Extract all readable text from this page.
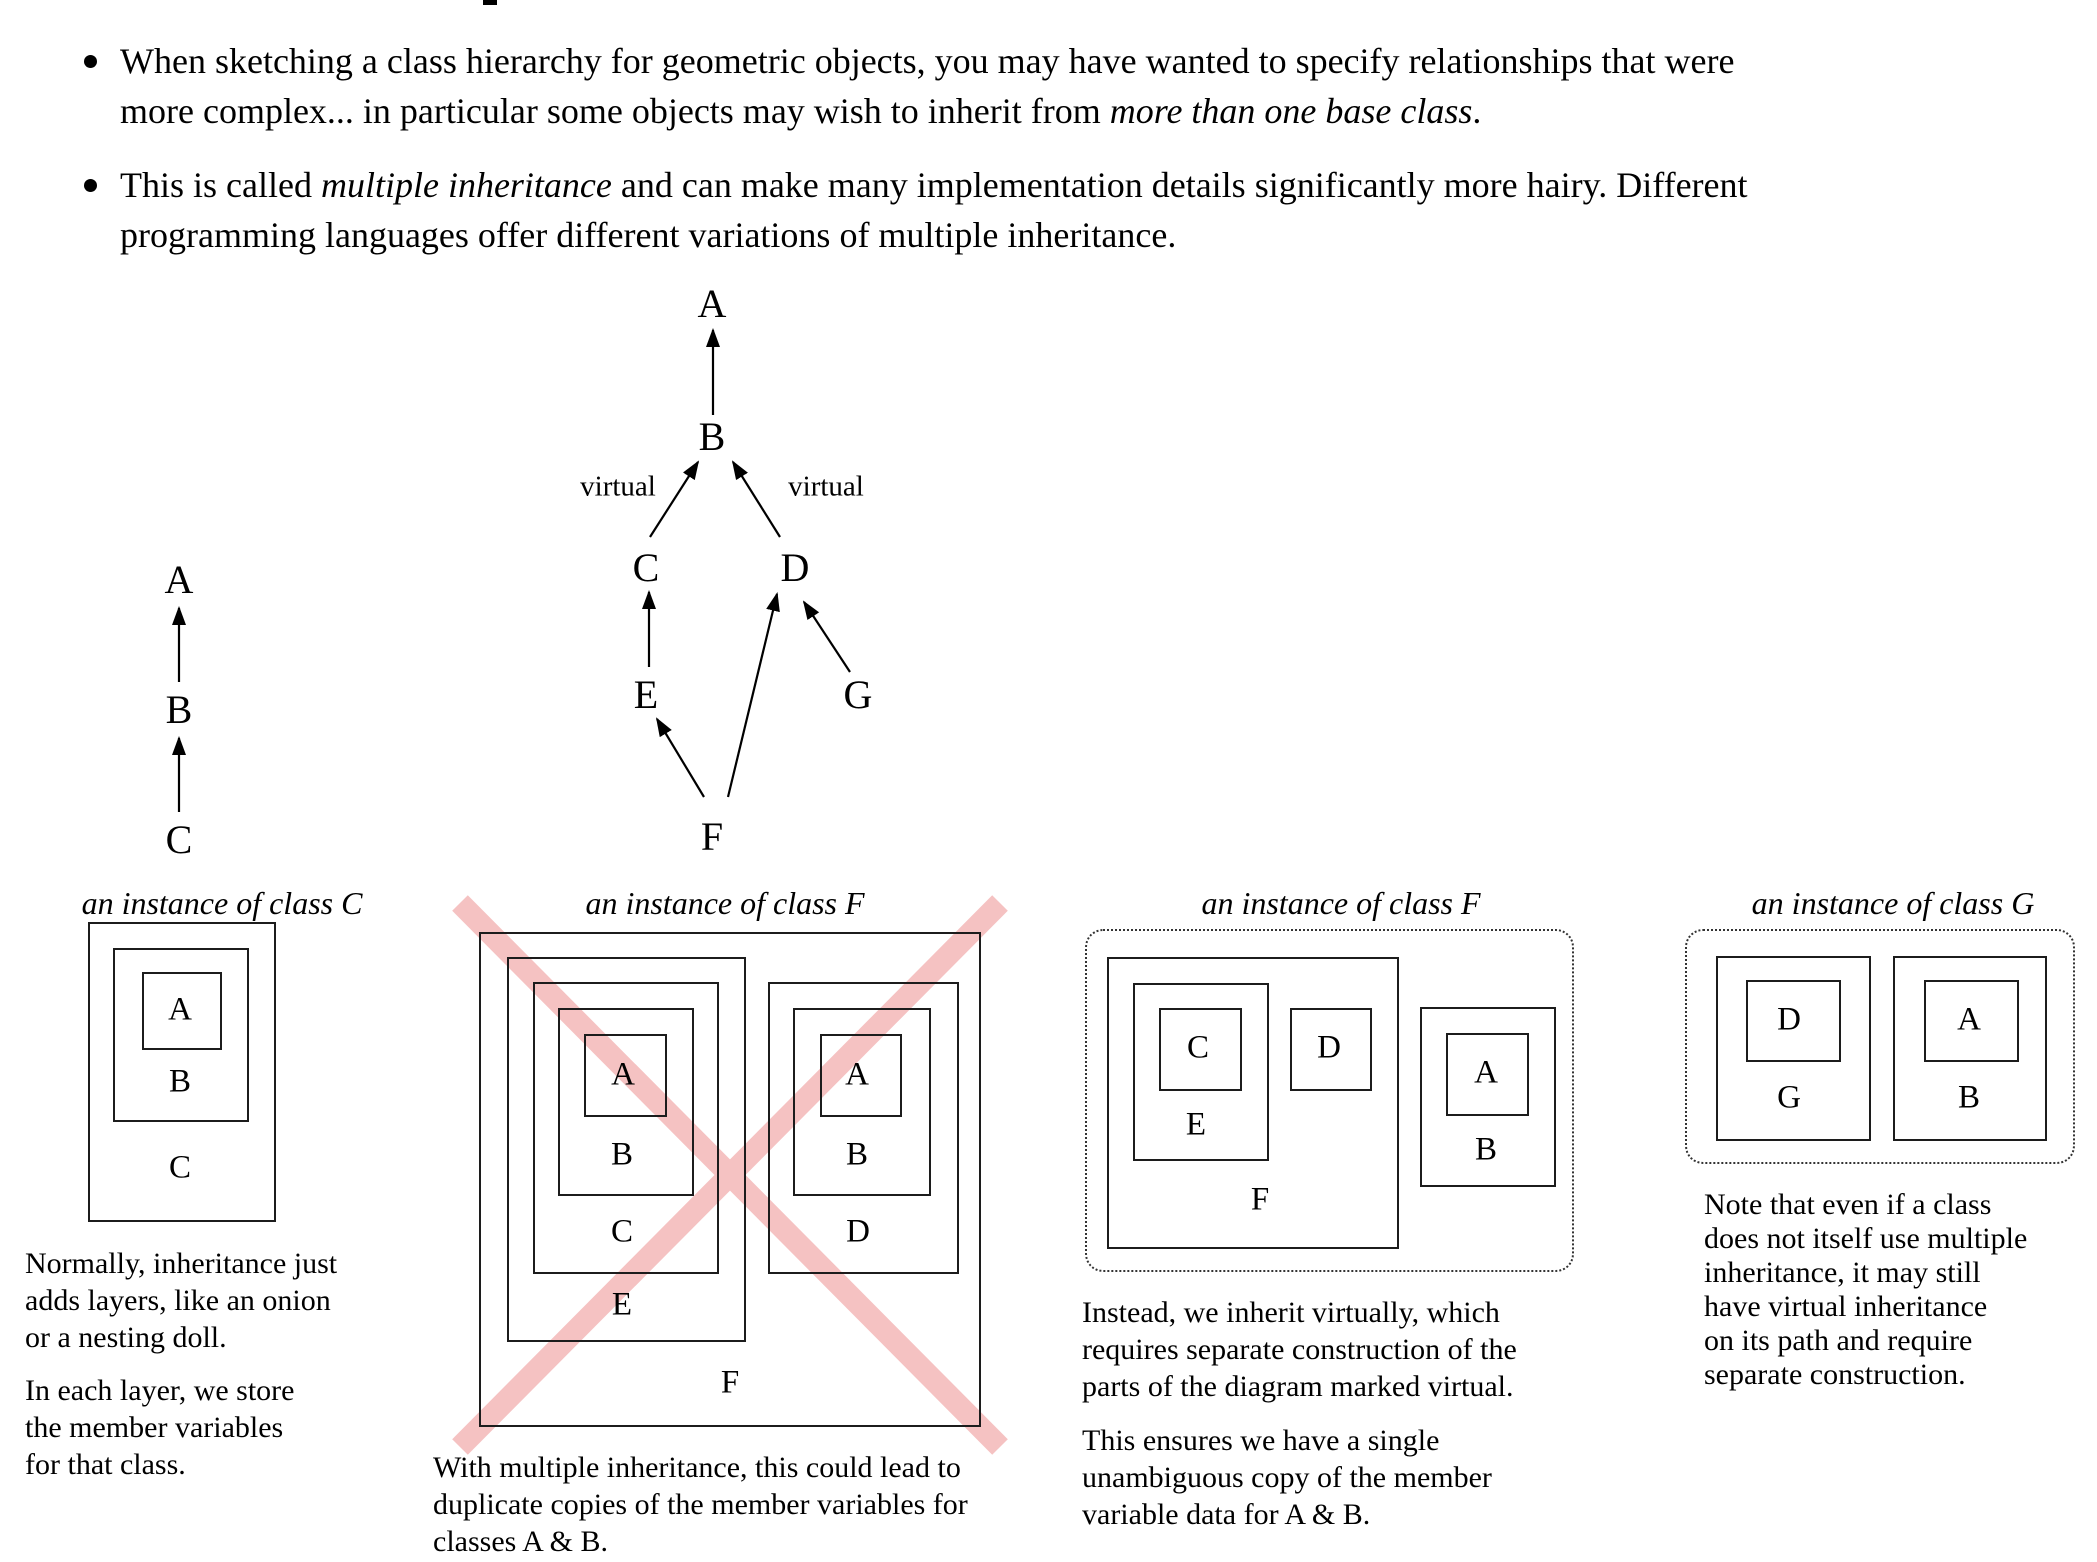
When sketching a class hierarchy for geometric objects, you may have wanted to specify relationships that were
more complex... in particular some objects may wish to inherit from more than one base class.
This is called multiple inheritance and can make many implementation details significantly more hairy. Different
programming languages offer different variations of multiple inheritance.
A
B
C
A
B
C	D
E	G
F
virtual	virtual
an instance of class C
C
B
A
an instance of class F
F
E
C
B
A
D
B
A
an instance of class F
F
E
C	D
B
A
an instance of class G
G
D
B
A
Normally, inheritance just
adds layers, like an onion
or a nesting doll.
In each layer, we store
the member variables
for that class.	With multiple inheritance, this could lead to
duplicate copies of the member variables for
classes A & B.
Instead, we inherit virtually, which
requires separate construction of the
parts of the diagram marked virtual.
This ensures we have a single
unambiguous copy of the member
variable data for A & B.
Note that even if a class
does not itself use multiple
inheritance, it may still
have virtual inheritance
on its path and require
separate construction.
